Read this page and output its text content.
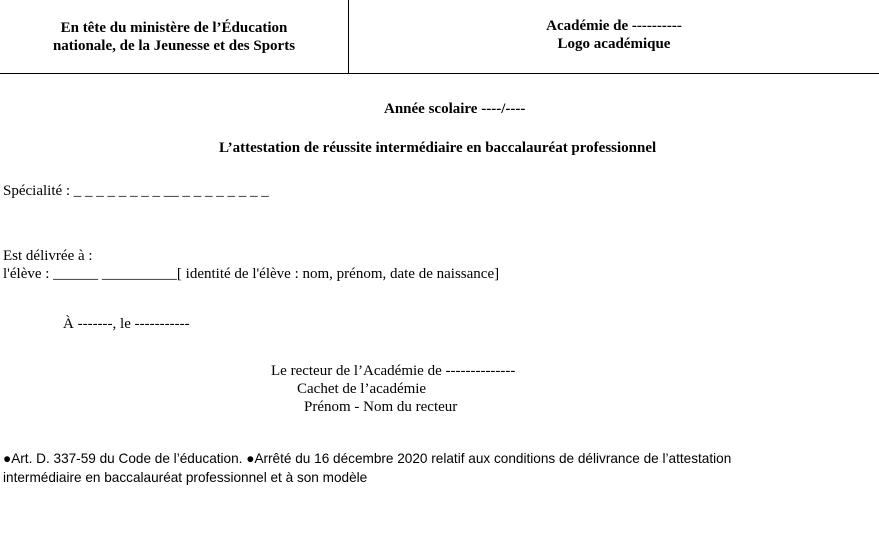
En tête du ministère de l’Éducation
nationale, de la Jeunesse et des Sports
Académie de ----------
Logo académique
Année scolaire ----/----
L’attestation de réussite intermédiaire en baccalauréat professionnel
Spécialité : _ _ _ _ _ _ _ _ __ _ _ _ _ _ _ _ _
Est délivrée à :
l'élève : ______ __________[ identité de l'élève : nom, prénom, date de naissance]
À -------, le -----------
Le recteur de l’Académie de --------------
Cachet de l’académie
Prénom - Nom du recteur
●Art. D. 337-59 du Code de l’éducation. ●Arrêté du 16 décembre 2020 relatif aux conditions de délivrance de l’attestation
intermédiaire en baccalauréat professionnel et à son modèle
